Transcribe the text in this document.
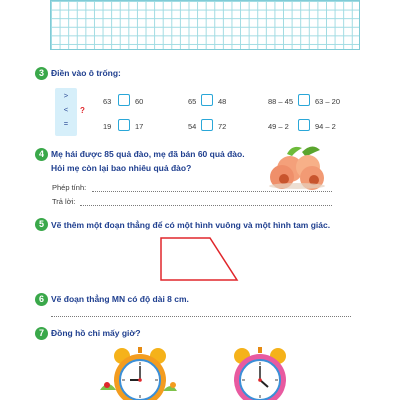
3 Điền vào ô trống:
>
<
=
?
63	60	65	48	88 – 45	63 – 20
19	17	54	72	49 – 2	94 – 2
4 Mẹ hái được 85 quả đào, mẹ đã bán 60 quả đào.
Hỏi mẹ còn lại bao nhiêu quả đào?
Phép tính:
Trả lời:
5 Vẽ thêm một đoạn thẳng để có một hình vuông và một hình tam giác.
6 Vẽ đoạn thẳng MN có độ dài 8 cm.
7 Đồng hồ chỉ mấy giờ?
